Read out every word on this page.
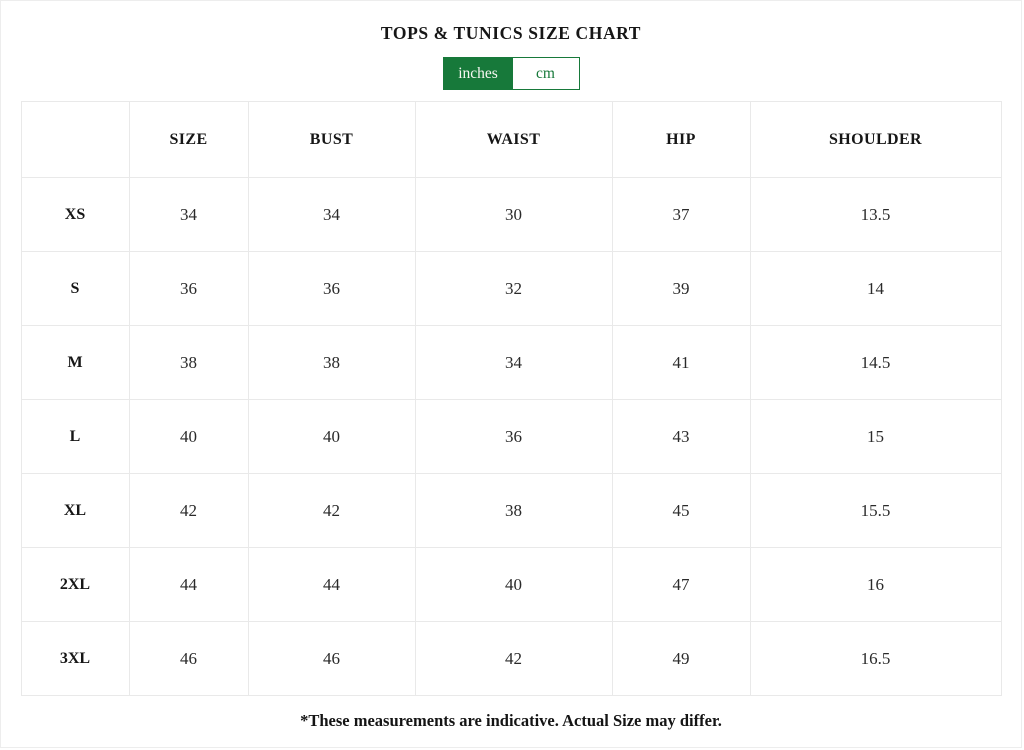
TOPS & TUNICS SIZE CHART
inches	cm
	SIZE	BUST	WAIST	HIP	SHOULDER
XS	34	34	30	37	13.5
S	36	36	32	39	14
M	38	38	34	41	14.5
L	40	40	36	43	15
XL	42	42	38	45	15.5
2XL	44	44	40	47	16
3XL	46	46	42	49	16.5

*These measurements are indicative. Actual Size may differ.
